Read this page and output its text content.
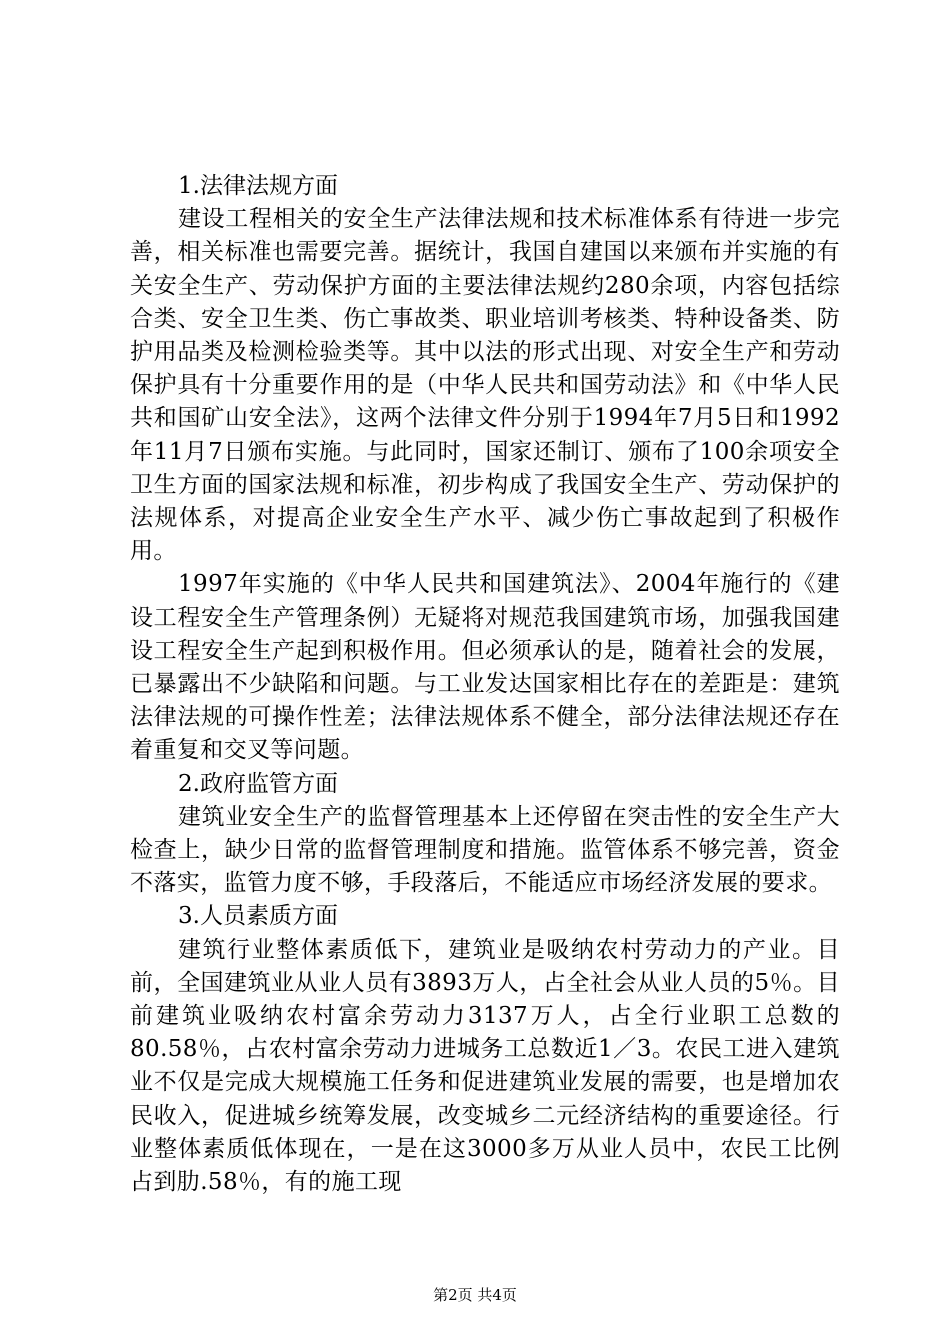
1.法律法规方面

建设工程相关的安全生产法律法规和技术标准体系有待进一步完善，相关标准也需要完善。据统计，我国自建国以来颁布并实施的有关安全生产、劳动保护方面的主要法律法规约280余项，内容包括综合类、安全卫生类、伤亡事故类、职业培训考核类、特种设备类、防护用品类及检测检验类等。其中以法的形式出现、对安全生产和劳动保护具有十分重要作用的是（中华人民共和国劳动法》和《中华人民共和国矿山安全法》，这两个法律文件分别于1994年7月5日和1992年11月7日颁布实施。与此同时，国家还制订、颁布了100余项安全卫生方面的国家法规和标准，初步构成了我国安全生产、劳动保护的法规体系，对提高企业安全生产水平、减少伤亡事故起到了积极作用。

1997年实施的《中华人民共和国建筑法》、2004年施行的《建设工程安全生产管理条例）无疑将对规范我国建筑市场，加强我国建设工程安全生产起到积极作用。但必须承认的是，随着社会的发展，已暴露出不少缺陷和问题。与工业发达国家相比存在的差距是：建筑法律法规的可操作性差；法律法规体系不健全，部分法律法规还存在着重复和交叉等问题。

2.政府监管方面

建筑业安全生产的监督管理基本上还停留在突击性的安全生产大检查上，缺少日常的监督管理制度和措施。监管体系不够完善，资金不落实，监管力度不够，手段落后，不能适应市场经济发展的要求。

3.人员素质方面

建筑行业整体素质低下，建筑业是吸纳农村劳动力的产业。目前，全国建筑业从业人员有3893万人，占全社会从业人员的5％。目前建筑业吸纳农村富余劳动力3137万人，占全行业职工总数的80.58％，占农村富余劳动力进城务工总数近1／3。农民工进入建筑业不仅是完成大规模施工任务和促进建筑业发展的需要，也是增加农民收入，促进城乡统筹发展，改变城乡二元经济结构的重要途径。行业整体素质低体现在，一是在这3000多万从业人员中，农民工比例占到肋.58％，有的施工现

第2页 共4页
